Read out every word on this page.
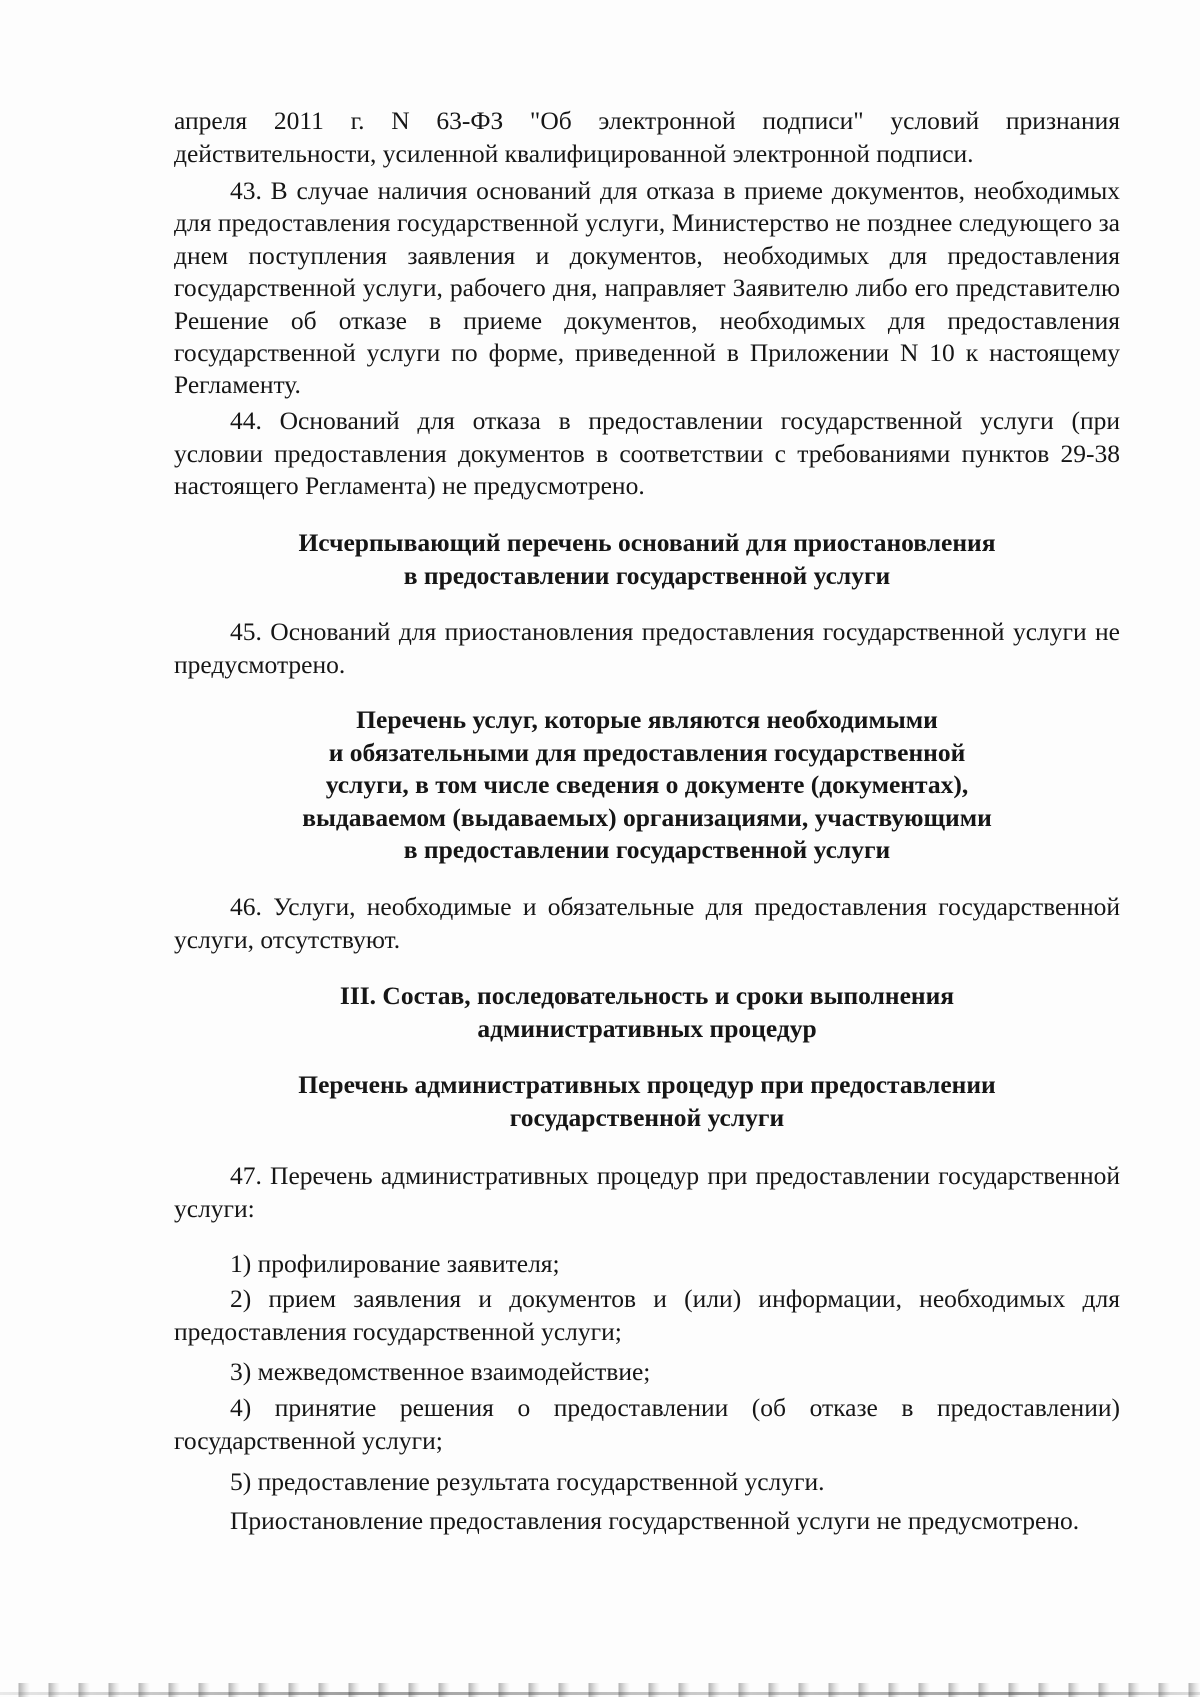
апреля 2011 г. N 63-ФЗ "Об электронной подписи" условий признания действительности, усиленной квалифицированной электронной подписи.

43. В случае наличия оснований для отказа в приеме документов, необходимых для предоставления государственной услуги, Министерство не позднее следующего за днем поступления заявления и документов, необходимых для предоставления государственной услуги, рабочего дня, направляет Заявителю либо его представителю Решение об отказе в приеме документов, необходимых для предоставления государственной услуги по форме, приведенной в Приложении N 10 к настоящему Регламенту.

44. Оснований для отказа в предоставлении государственной услуги (при условии предоставления документов в соответствии с требованиями пунктов 29-38 настоящего Регламента) не предусмотрено.

Исчерпывающий перечень оснований для приостановления
в предоставлении государственной услуги

45. Оснований для приостановления предоставления государственной услуги не предусмотрено.

Перечень услуг, которые являются необходимыми
и обязательными для предоставления государственной
услуги, в том числе сведения о документе (документах),
выдаваемом (выдаваемых) организациями, участвующими
в предоставлении государственной услуги

46. Услуги, необходимые и обязательные для предоставления государственной услуги, отсутствуют.

III. Состав, последовательность и сроки выполнения
административных процедур
Перечень административных процедур при предоставлении
государственной услуги

47. Перечень административных процедур при предоставлении государственной услуги:

1) профилирование заявителя;

2) прием заявления и документов и (или) информации, необходимых для предоставления государственной услуги;

3) межведомственное взаимодействие;

4) принятие решения о предоставлении (об отказе в предоставлении) государственной услуги;

5) предоставление результата государственной услуги.

Приостановление предоставления государственной услуги не предусмотрено.
